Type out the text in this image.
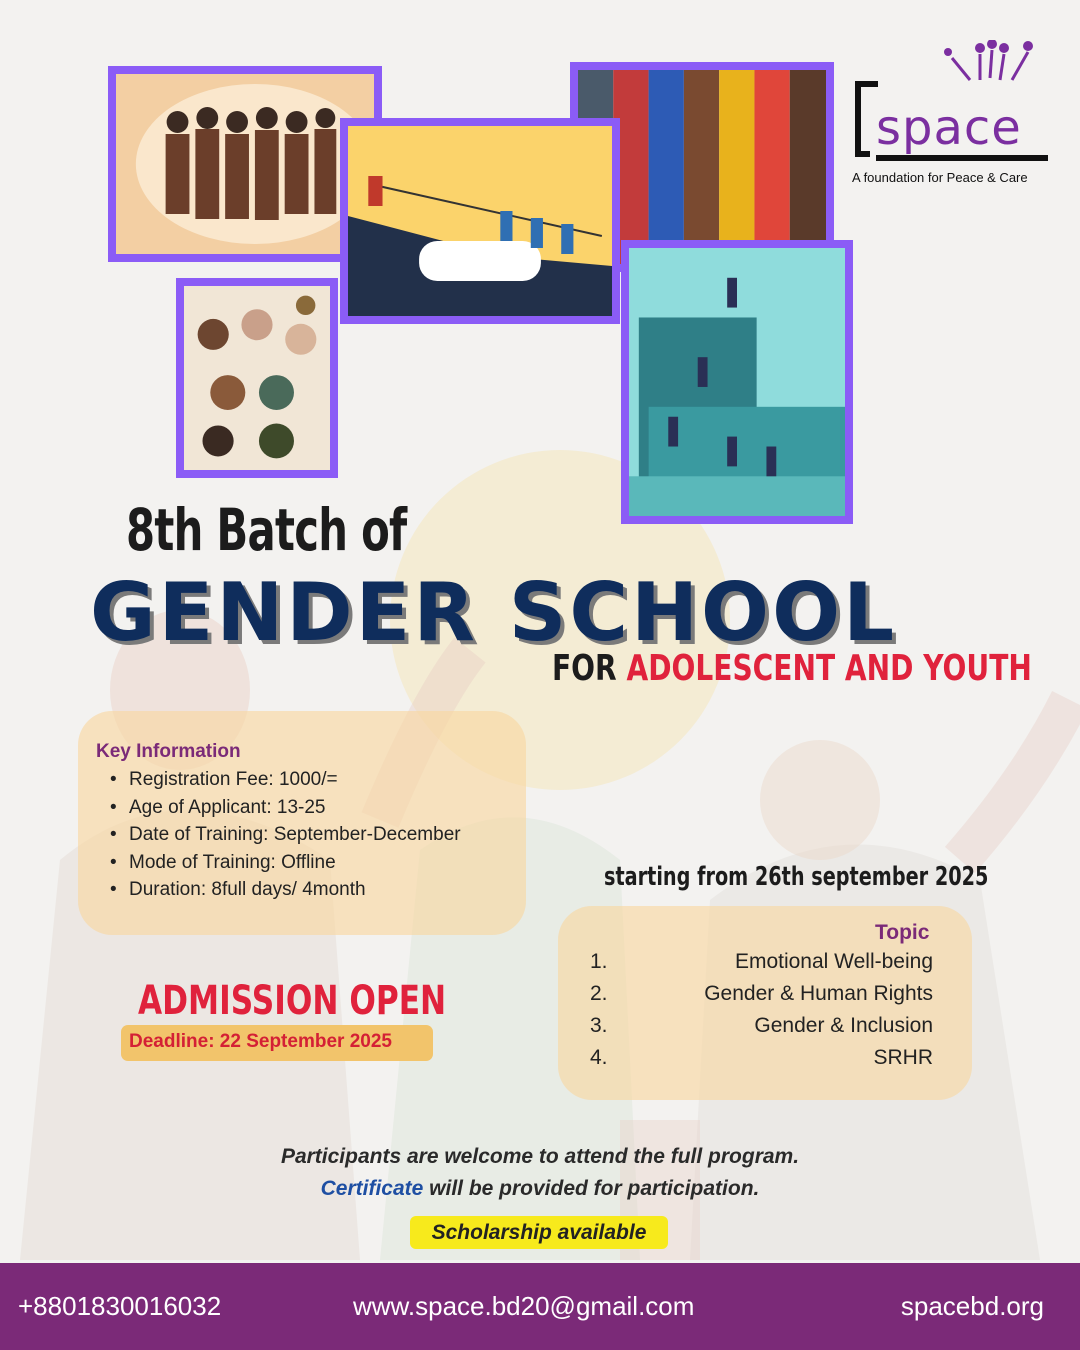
space
A foundation for Peace & Care
8th Batch of
GENDER SCHOOL
FOR ADOLESCENT AND YOUTH
Key Information
• Registration Fee: 1000/=
• Age of Applicant: 13-25
• Date of Training: September-December
• Mode of Training: Offline
• Duration: 8full days/ 4month	starting from 26th september 2025
Topic
1.	Emotional Well-being
2.	Gender & Human Rights
3.	Gender & Inclusion
4.	SRHR
ADMISSION OPEN
Deadline: 22 September 2025
Participants are welcome to attend the full program.
Certificate will be provided for participation.
Scholarship available
+8801830016032	www.space.bd20@gmail.com	spacebd.org
